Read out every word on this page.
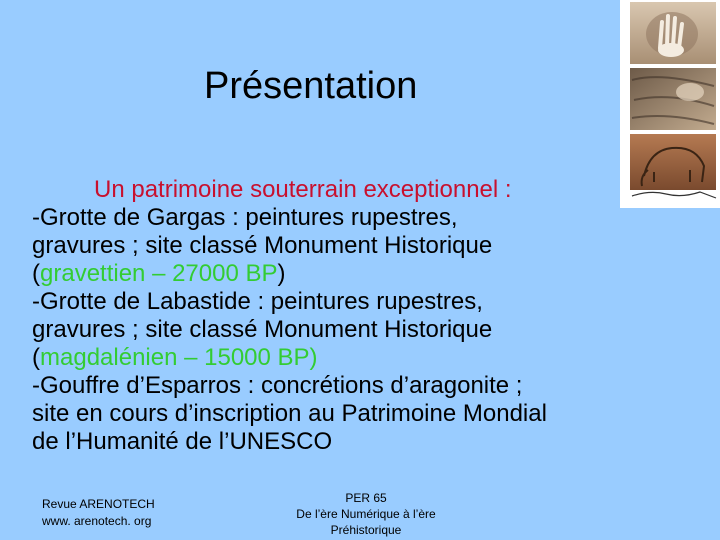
Présentation
Un patrimoine souterrain exceptionnel :
-Grotte de Gargas : peintures rupestres,
gravures ; site classé Monument Historique
(gravettien – 27000 BP)
-Grotte de Labastide : peintures rupestres,
gravures ; site classé Monument Historique
(magdalénien – 15000 BP)
-Gouffre d’Esparros : concrétions d’aragonite ;
site en cours d’inscription au Patrimoine Mondial
de l’Humanité de l’UNESCO
Revue ARENOTECH
www. arenotech. org
PER 65
De l’ère Numérique à l’ère
Préhistorique
